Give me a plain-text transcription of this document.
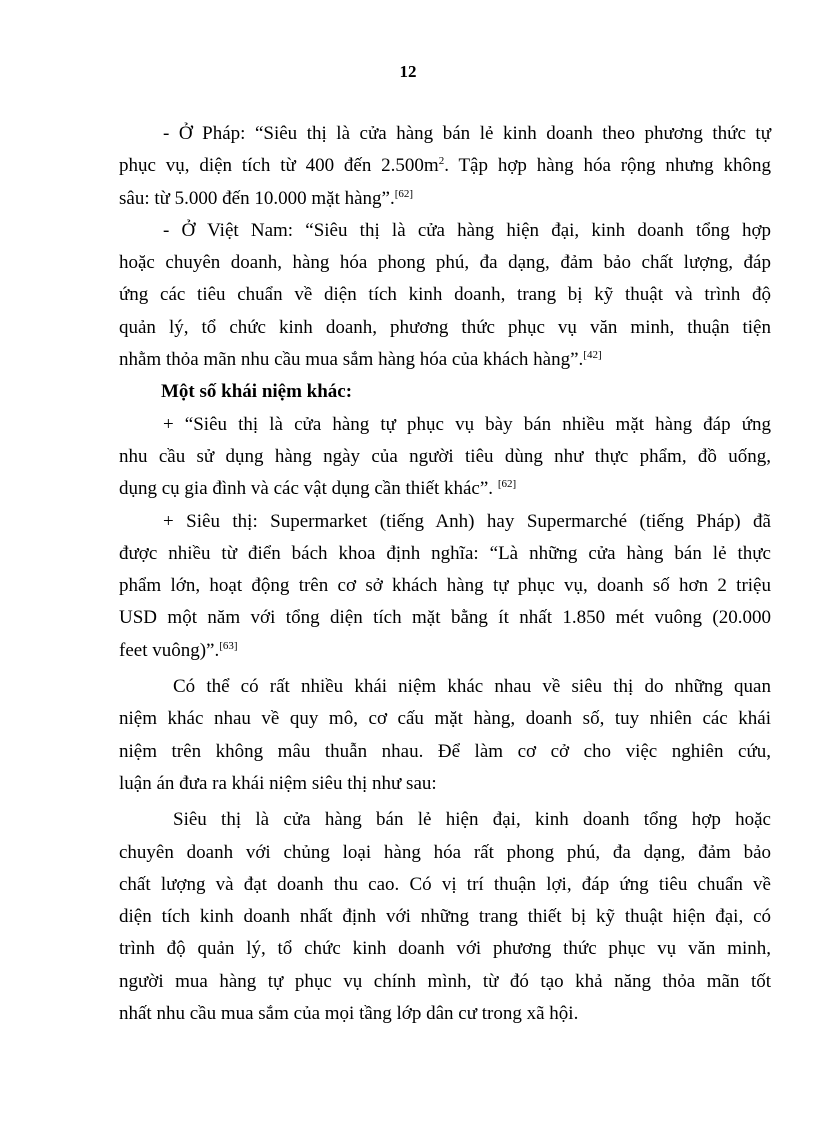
12
- Ở Pháp: “Siêu thị là cửa hàng bán lẻ kinh doanh theo phương thức tự
phục vụ, diện tích từ 400 đến $2.500m^2$. Tập hợp hàng hóa rộng nhưng không
sâu: từ 5.000 đến 10.000 mặt hàng”.[62]
- Ở Việt Nam: “Siêu thị là cửa hàng hiện đại, kinh doanh tổng hợp
hoặc chuyên doanh, hàng hóa phong phú, đa dạng, đảm bảo chất lượng, đáp
ứng các tiêu chuẩn về diện tích kinh doanh, trang bị kỹ thuật và trình độ
quản lý, tổ chức kinh doanh, phương thức phục vụ văn minh, thuận tiện
nhằm thỏa mãn nhu cầu mua sắm hàng hóa của khách hàng”.[42]
Một số khái niệm khác:
+ “Siêu thị là cửa hàng tự phục vụ bày bán nhiều mặt hàng đáp ứng
nhu cầu sử dụng hàng ngày của người tiêu dùng như thực phẩm, đồ uống,
dụng cụ gia đình và các vật dụng cần thiết khác”. [62]
+ Siêu thị: Supermarket (tiếng Anh) hay Supermarché (tiếng Pháp) đã
được nhiều từ điển bách khoa định nghĩa: “Là những cửa hàng bán lẻ thực
phẩm lớn, hoạt động trên cơ sở khách hàng tự phục vụ, doanh số hơn 2 triệu
USD một năm với tổng diện tích mặt bằng ít nhất 1.850 mét vuông (20.000
feet vuông)”.[63]
Có thể có rất nhiều khái niệm khác nhau về siêu thị do những quan
niệm khác nhau về quy mô, cơ cấu mặt hàng, doanh số, tuy nhiên các khái
niệm trên không mâu thuẫn nhau. Để làm cơ cở cho việc nghiên cứu,
luận án đưa ra khái niệm siêu thị như sau:
Siêu thị là cửa hàng bán lẻ hiện đại, kinh doanh tổng hợp hoặc
chuyên doanh với chủng loại hàng hóa rất phong phú, đa dạng, đảm bảo
chất lượng và đạt doanh thu cao. Có vị trí thuận lợi, đáp ứng tiêu chuẩn về
diện tích kinh doanh nhất định với những trang thiết bị kỹ thuật hiện đại, có
trình độ quản lý, tổ chức kinh doanh với phương thức phục vụ văn minh,
người mua hàng tự phục vụ chính mình, từ đó tạo khả năng thỏa mãn tốt
nhất nhu cầu mua sắm của mọi tầng lớp dân cư trong xã hội.
